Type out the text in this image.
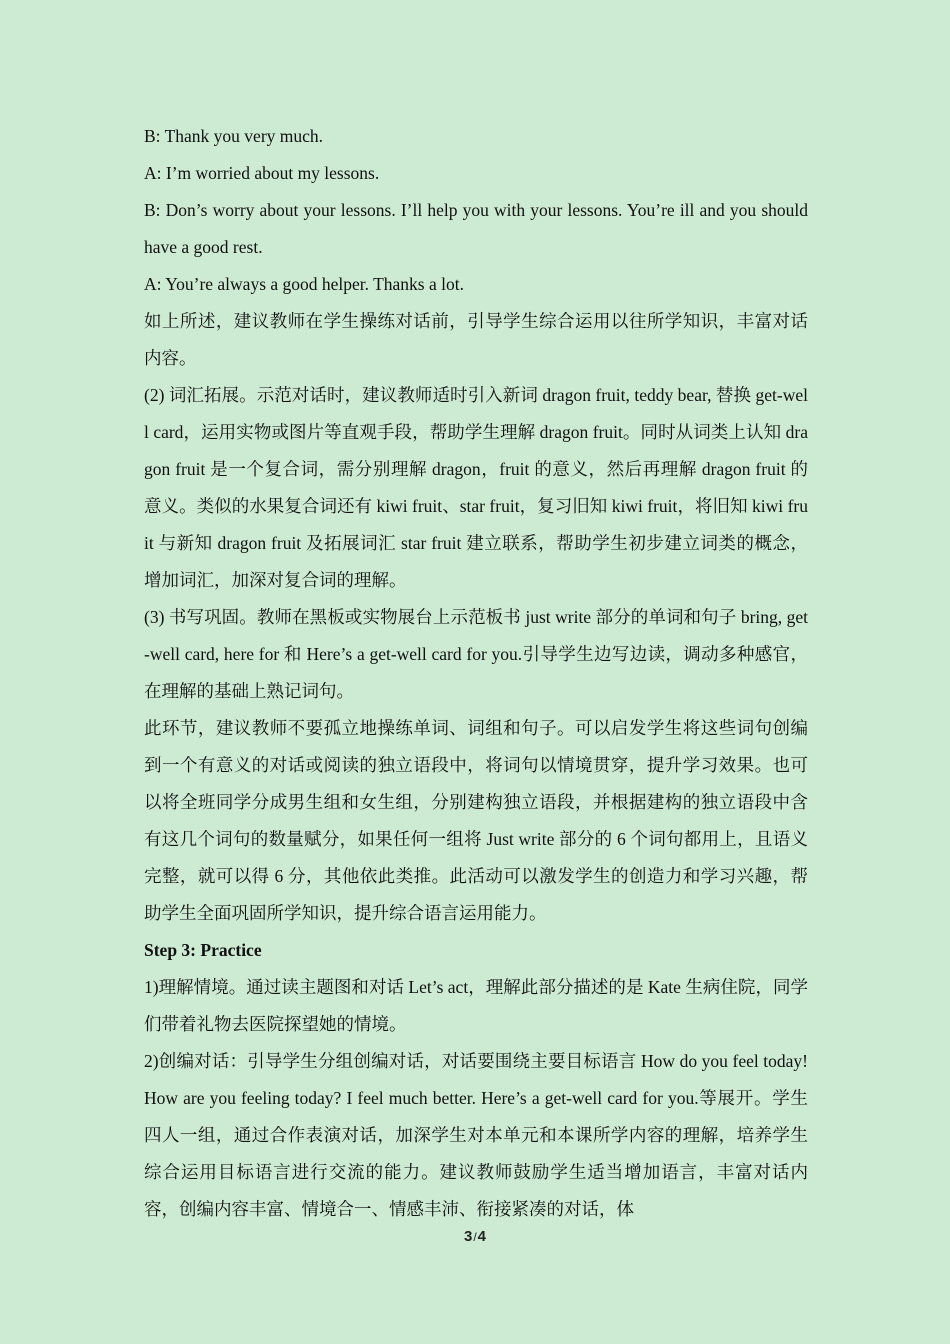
B: Thank you very much.

A: I’m worried about my lessons.

B: Don’s worry about your lessons. I’ll help you with your lessons. You’re ill and you should have a good rest.

A: You’re always a good helper. Thanks a lot.

如上所述，建议教师在学生操练对话前，引导学生综合运用以往所学知识，丰富对话内容。

(2) 词汇拓展。示范对话时，建议教师适时引入新词 dragon fruit, teddy bear, 替换 get-well card，运用实物或图片等直观手段，帮助学生理解 dragon fruit。同时从词类上认知 dragon fruit 是一个复合词，需分别理解 dragon，fruit 的意义，然后再理解 dragon fruit 的意义。类似的水果复合词还有 kiwi fruit、star fruit，复习旧知 kiwi fruit，将旧知 kiwi fruit 与新知 dragon fruit 及拓展词汇 star fruit 建立联系，帮助学生初步建立词类的概念，增加词汇，加深对复合词的理解。

(3) 书写巩固。教师在黑板或实物展台上示范板书 just write 部分的单词和句子 bring, get-well card, here for 和 Here’s a get-well card for you.引导学生边写边读，调动多种感官，在理解的基础上熟记词句。

此环节，建议教师不要孤立地操练单词、词组和句子。可以启发学生将这些词句创编到一个有意义的对话或阅读的独立语段中，将词句以情境贯穿，提升学习效果。也可以将全班同学分成男生组和女生组，分别建构独立语段，并根据建构的独立语段中含有这几个词句的数量赋分，如果任何一组将 Just write 部分的 6 个词句都用上，且语义完整，就可以得 6 分，其他依此类推。此活动可以激发学生的创造力和学习兴趣，帮助学生全面巩固所学知识，提升综合语言运用能力。

Step 3: Practice

1)理解情境。通过读主题图和对话 Let’s act，理解此部分描述的是 Kate 生病住院，同学们带着礼物去医院探望她的情境。

2)创编对话：引导学生分组创编对话，对话要围绕主要目标语言 How do you feel today! How are you feeling today? I feel much better. Here’s a get-well card for you.等展开。学生四人一组，通过合作表演对话，加深学生对本单元和本课所学内容的理解，培养学生综合运用目标语言进行交流的能力。建议教师鼓励学生适当增加语言，丰富对话内容，创编内容丰富、情境合一、情感丰沛、衔接紧凑的对话，体

3/4
